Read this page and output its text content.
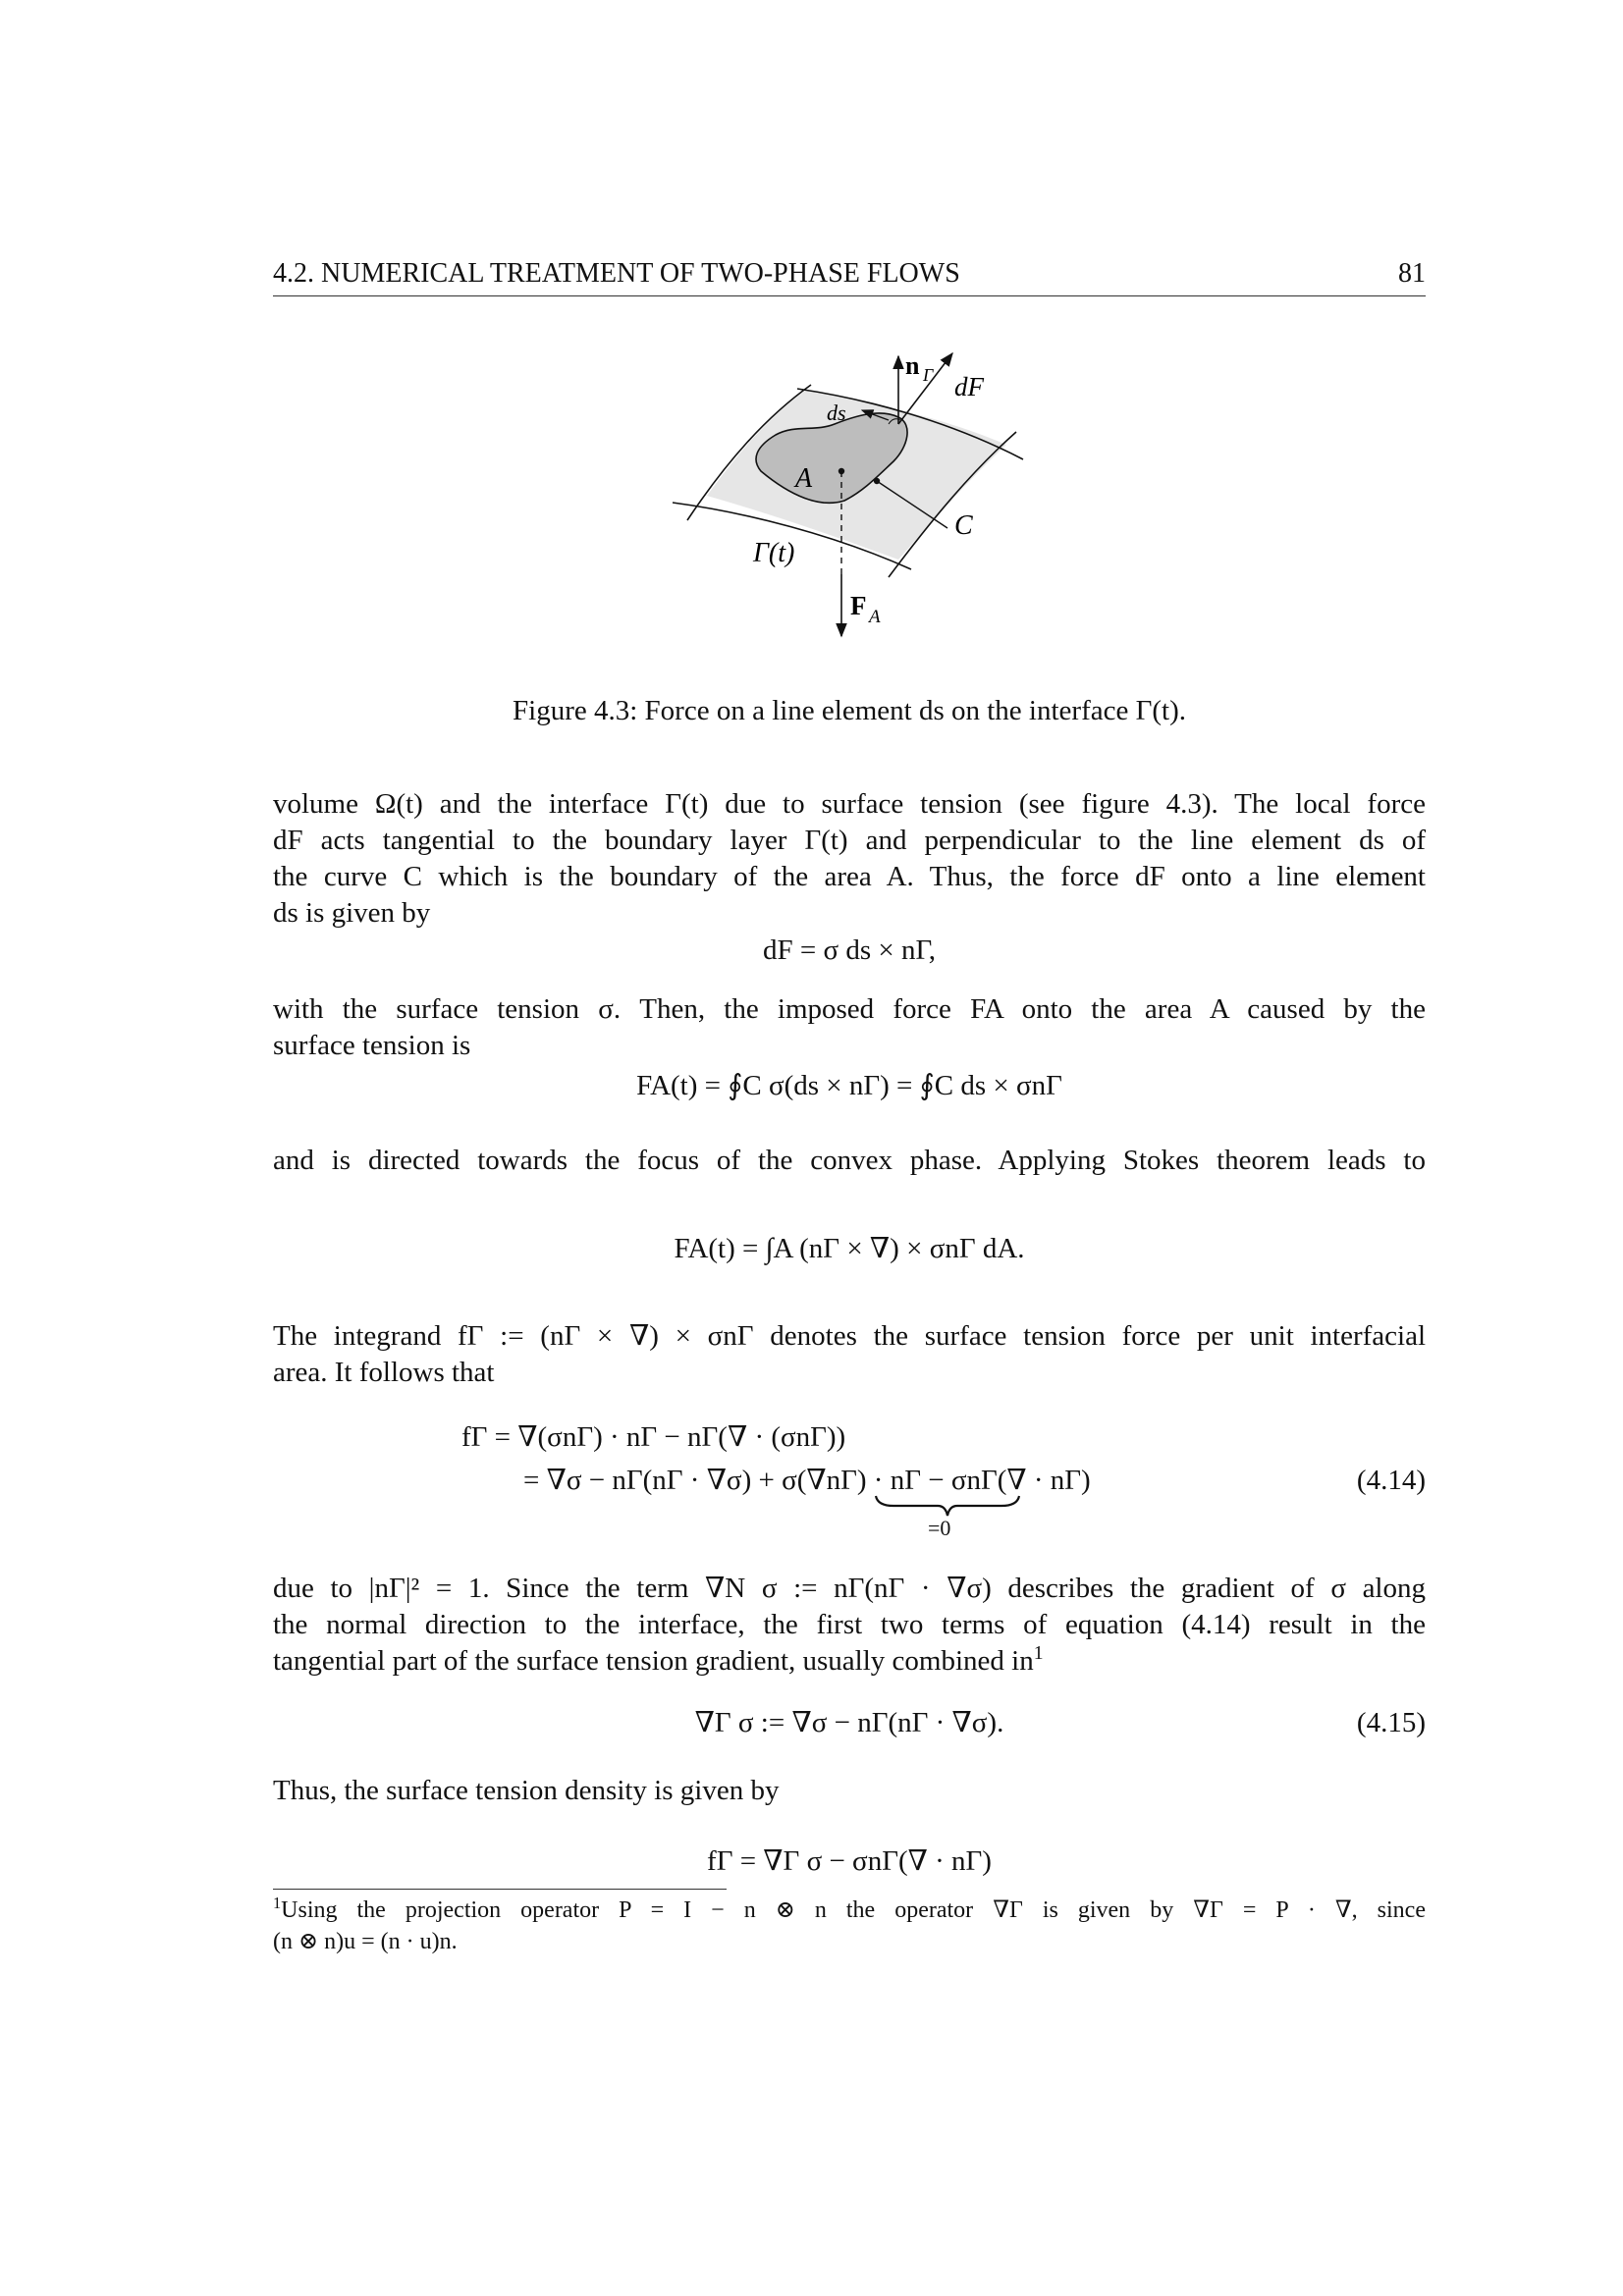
4.2. NUMERICAL TREATMENT OF TWO-PHASE FLOWS	81
n Γ dF
ds
A
C
Γ(t)
F A
Figure 4.3: Force on a line element ds on the interface Γ(t).
volume Ω(t) and the interface Γ(t) due to surface tension (see figure 4.3). The local force
dF acts tangential to the boundary layer Γ(t) and perpendicular to the line element ds of
the curve C which is the boundary of the area A. Thus, the force dF onto a line element
ds is given by
dF = σ ds × nΓ,
with the surface tension σ. Then, the imposed force FA onto the area A caused by the
surface tension is
FA(t) = ∮C σ(ds × nΓ) = ∮C ds × σnΓ
and is directed towards the focus of the convex phase. Applying Stokes theorem leads to
FA(t) = ∫A (nΓ × ∇) × σnΓ dA.
The integrand fΓ := (nΓ × ∇) × σnΓ denotes the surface tension force per unit interfacial
area. It follows that
fΓ = ∇(σnΓ) · nΓ − nΓ(∇ · (σnΓ))
= ∇σ − nΓ(nΓ · ∇σ) + σ(∇nΓ) · nΓ − σnΓ(∇ · nΓ)
=0
(4.14)
due to |nΓ|² = 1. Since the term ∇N σ := nΓ(nΓ · ∇σ) describes the gradient of σ along
the normal direction to the interface, the first two terms of equation (4.14) result in the
tangential part of the surface tension gradient, usually combined $in^1$
∇Γ σ := ∇σ − nΓ(nΓ · ∇σ).	(4.15)
Thus, the surface tension density is given by
fΓ = ∇Γ σ − σnΓ(∇ · nΓ)
$^1$Using the projection operator P = I − n ⊗ n the operator ∇Γ is given by ∇Γ = P · ∇, since
(n ⊗ n)u = (n · u)n.
